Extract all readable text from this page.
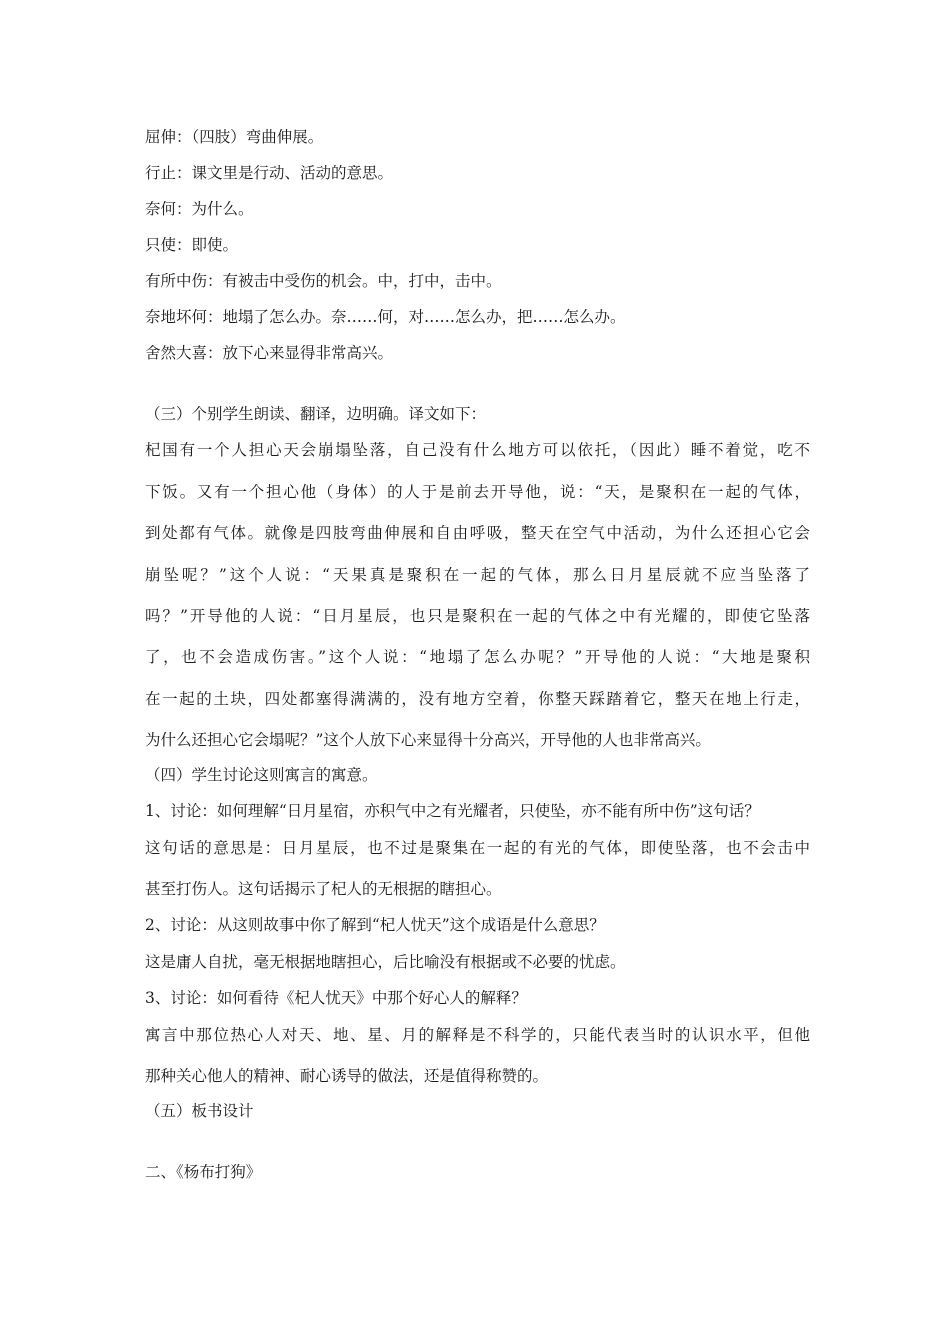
屈伸：（四肢）弯曲伸展。
行止：课文里是行动、活动的意思。
奈何：为什么。
只使：即使。
有所中伤：有被击中受伤的机会。中，打中，击中。
奈地坏何：地塌了怎么办。奈……何，对……怎么办，把……怎么办。
舍然大喜：放下心来显得非常高兴。
（三）个别学生朗读、翻译，边明确。译文如下：
杞国有一个人担心天会崩塌坠落，自己没有什么地方可以依托，（因此）睡不着觉，吃不
下饭。又有一个担心他（身体）的人于是前去开导他，说：“天，是聚积在一起的气体，
到处都有气体。就像是四肢弯曲伸展和自由呼吸，整天在空气中活动，为什么还担心它会
崩坠呢？”这个人说：“天果真是聚积在一起的气体，那么日月星辰就不应当坠落了
吗？”开导他的人说：“日月星辰，也只是聚积在一起的气体之中有光耀的，即使它坠落
了，也不会造成伤害。”这个人说：“地塌了怎么办呢？”开导他的人说：“大地是聚积
在一起的土块，四处都塞得满满的，没有地方空着，你整天踩踏着它，整天在地上行走，
为什么还担心它会塌呢？”这个人放下心来显得十分高兴，开导他的人也非常高兴。
（四）学生讨论这则寓言的寓意。
1、讨论：如何理解“日月星宿，亦积气中之有光耀者，只使坠，亦不能有所中伤”这句话？
这句话的意思是：日月星辰，也不过是聚集在一起的有光的气体，即使坠落，也不会击中
甚至打伤人。这句话揭示了杞人的无根据的瞎担心。
2、讨论：从这则故事中你了解到“杞人忧天”这个成语是什么意思？
这是庸人自扰，毫无根据地瞎担心，后比喻没有根据或不必要的忧虑。
3、讨论：如何看待《杞人忧天》中那个好心人的解释？
寓言中那位热心人对天、地、星、月的解释是不科学的，只能代表当时的认识水平，但他
那种关心他人的精神、耐心诱导的做法，还是值得称赞的。
（五）板书设计
二、《杨布打狗》
